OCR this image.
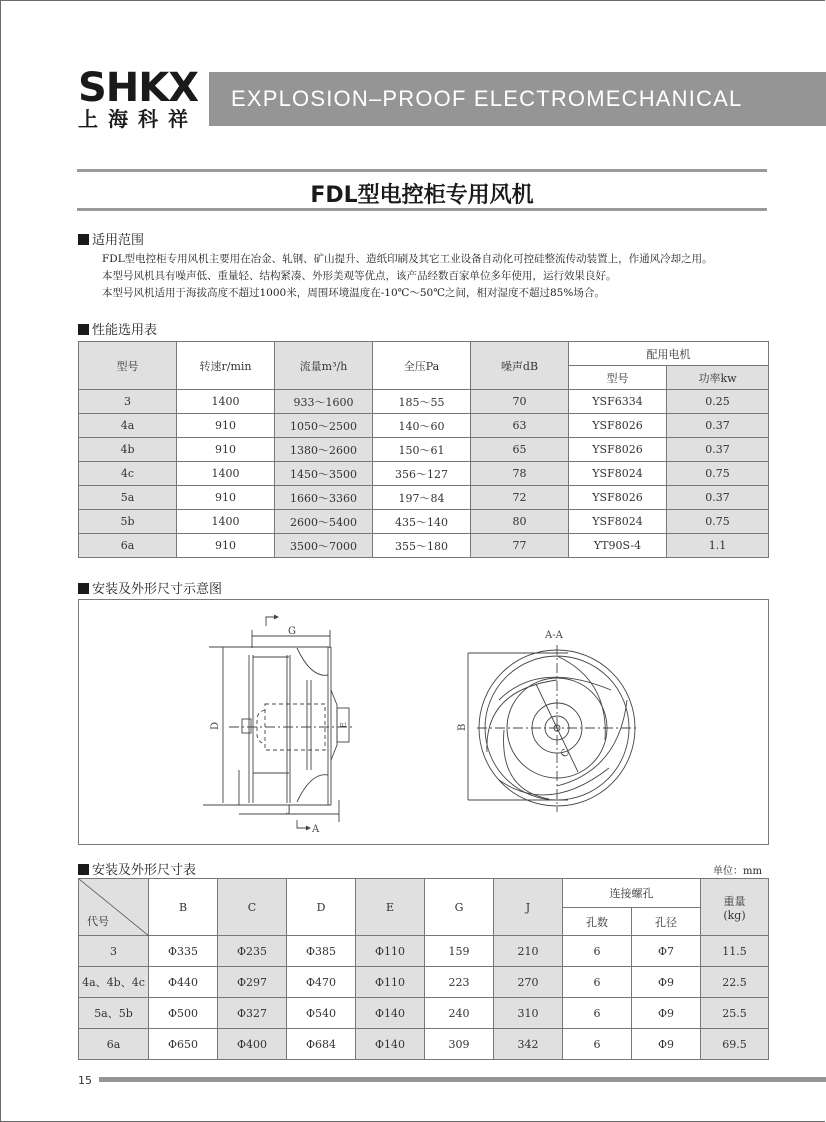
SHKX
上海科祥
EXPLOSION–PROOF ELECTROMECHANICAL
FDL型电控柜专用风机
适用范围
FDL型电控柜专用风机主要用在冶金、轧钢、矿山提升、造纸印刷及其它工业设备自动化可控硅整流传动装置上，作通风冷却之用。
本型号风机具有噪声低、重量轻、结构紧凑、外形美观等优点，该产品经数百家单位多年使用，运行效果良好。
本型号风机适用于海拔高度不超过1000米，周围环境温度在-10℃～50℃之间，相对湿度不超过85%场合。
性能选用表
型号	转速r/min	流量m³/h	全压Pa	噪声dB	配用电机	
					型号	功率kw
3	1400	933～1600	185～55	70	YSF6334	0.25
4a	910	1050～2500	140～60	63	YSF8026	0.37
4b	910	1380～2600	150～61	65	YSF8026	0.37
4c	1400	1450～3500	356～127	78	YSF8024	0.75
5a	910	1660～3360	197～84	72	YSF8026	0.37
5b	1400	2600～5400	435～140	80	YSF8024	0.75
6a	910	3500～7000	355～180	77	YT90S-4	1.1
安装及外形尺寸示意图
G
D
J
A
E
A-A
B
C
安装及外形尺寸表	单位：mm
代号	B	C	D	E	G	J	连接螺孔		重量
(kg)

							孔数	孔径	
3	Φ335	Φ235	Φ385	Φ110	159	210	6	Φ7	11.5
4a、4b、4c	Φ440	Φ297	Φ470	Φ110	223	270	6	Φ9	22.5
5a、5b	Φ500	Φ327	Φ540	Φ140	240	310	6	Φ9	25.5
6a	Φ650	Φ400	Φ684	Φ140	309	342	6	Φ9	69.5
15
